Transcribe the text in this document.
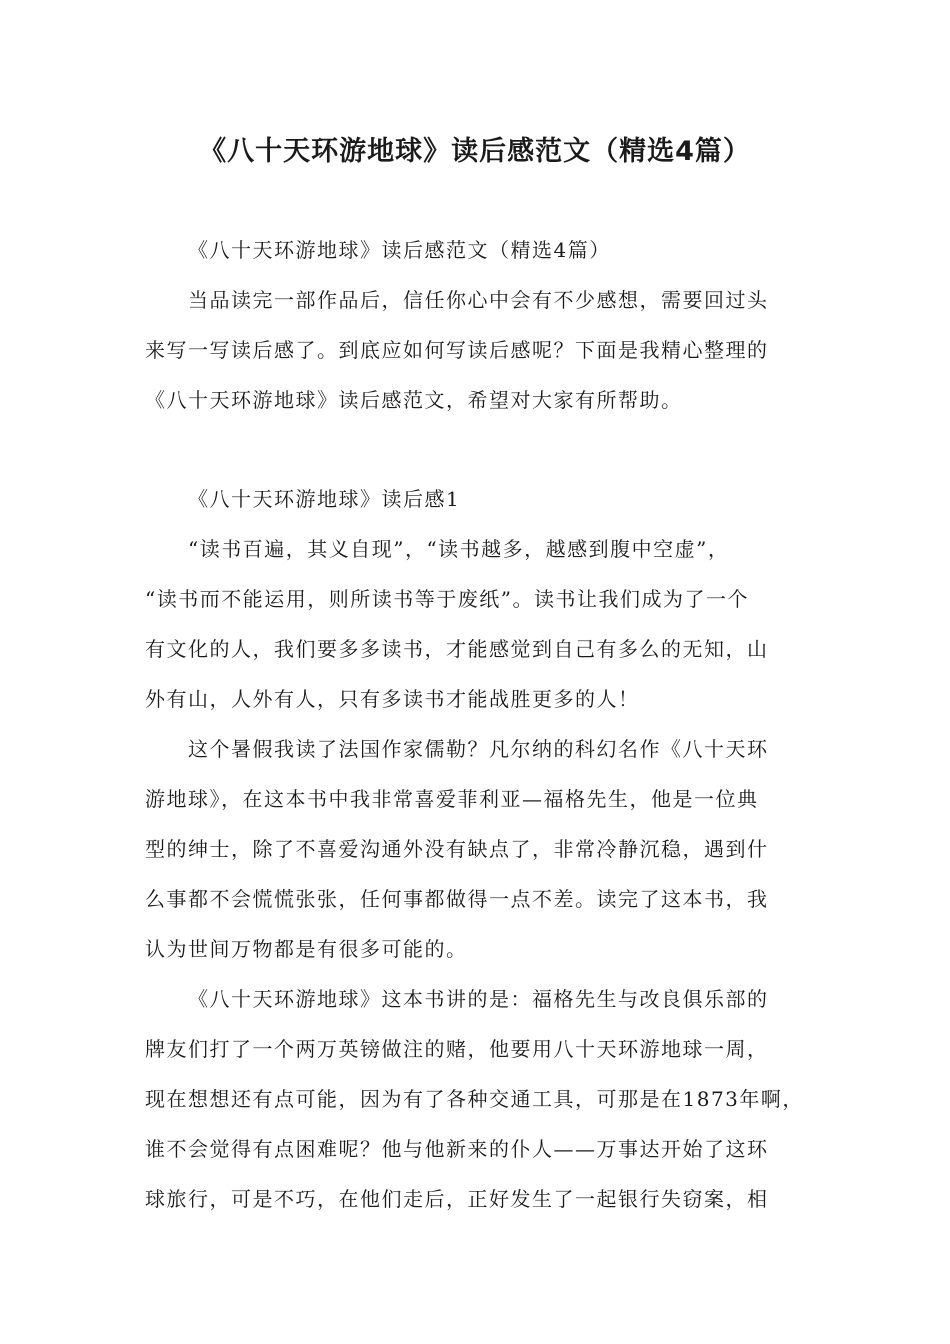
《八十天环游地球》读后感范文（精选4篇）
《八十天环游地球》读后感范文（精选4篇）
当品读完一部作品后，信任你心中会有不少感想，需要回过头
来写一写读后感了。到底应如何写读后感呢？下面是我精心整理的
《八十天环游地球》读后感范文，希望对大家有所帮助。
《八十天环游地球》读后感1
“读书百遍，其义自现”，“读书越多，越感到腹中空虚”，
“读书而不能运用，则所读书等于废纸”。读书让我们成为了一个
有文化的人，我们要多多读书，才能感觉到自己有多么的无知，山
外有山，人外有人，只有多读书才能战胜更多的人！
这个暑假我读了法国作家儒勒？凡尔纳的科幻名作《八十天环
游地球》，在这本书中我非常喜爱菲利亚—福格先生，他是一位典
型的绅士，除了不喜爱沟通外没有缺点了，非常冷静沉稳，遇到什
么事都不会慌慌张张，任何事都做得一点不差。读完了这本书，我
认为世间万物都是有很多可能的。
《八十天环游地球》这本书讲的是：福格先生与改良俱乐部的
牌友们打了一个两万英镑做注的赌，他要用八十天环游地球一周，
现在想想还有点可能，因为有了各种交通工具，可那是在1873年啊，
谁不会觉得有点困难呢？他与他新来的仆人——万事达开始了这环
球旅行，可是不巧，在他们走后，正好发生了一起银行失窃案，相
